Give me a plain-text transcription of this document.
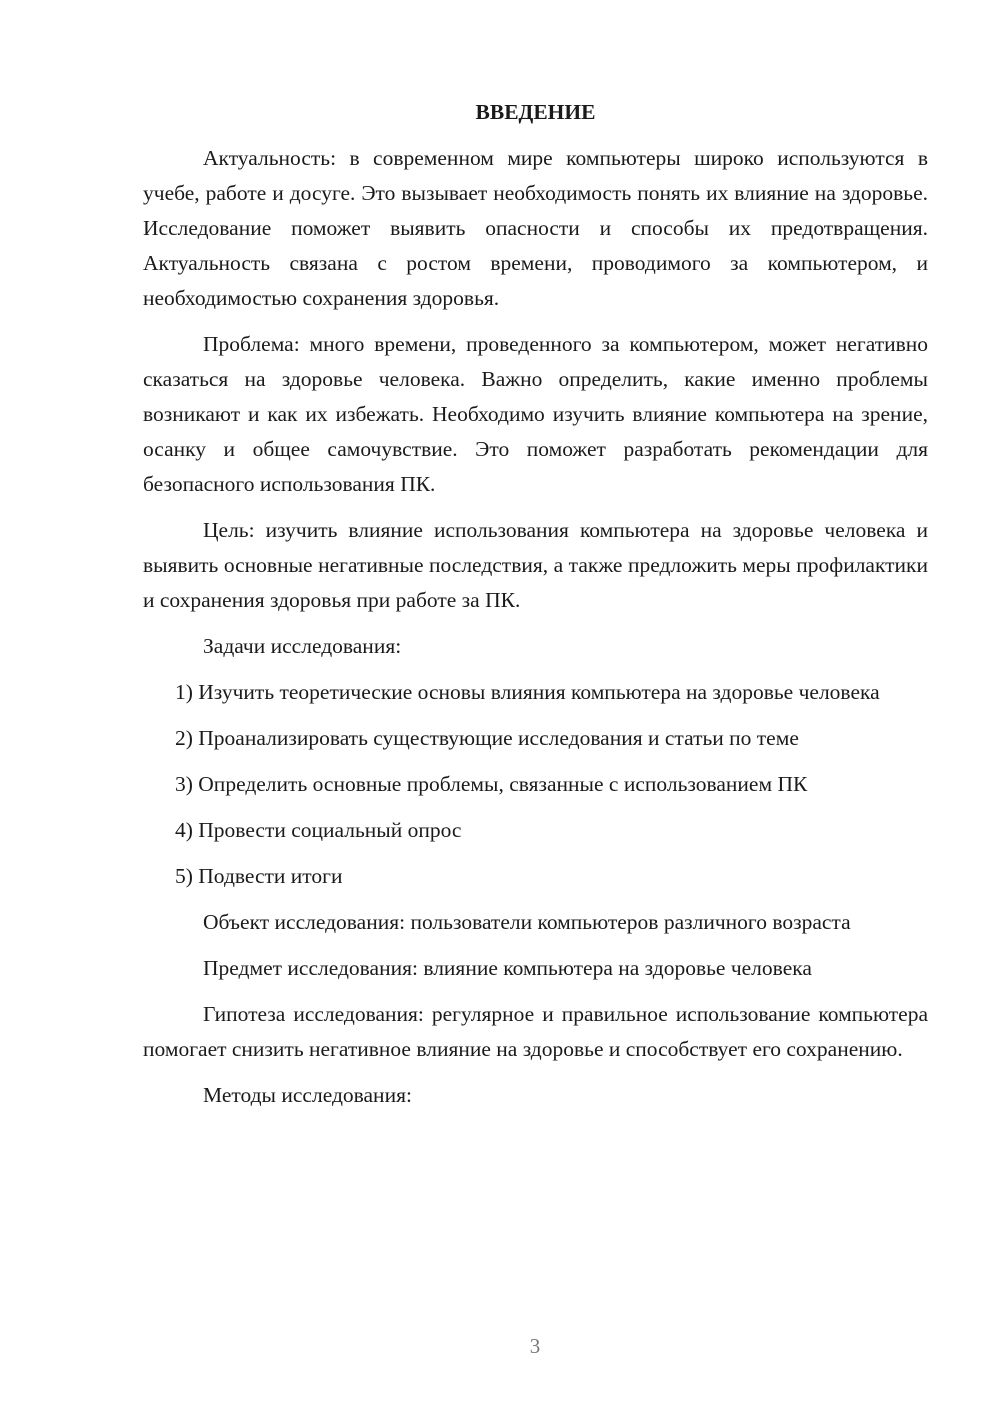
ВВЕДЕНИЕ

Актуальность: в современном мире компьютеры широко используются в учебе, работе и досуге. Это вызывает необходимость понять их влияние на здоровье. Исследование поможет выявить опасности и способы их предотвращения. Актуальность связана с ростом времени, проводимого за компьютером, и необходимостью сохранения здоровья.

Проблема: много времени, проведенного за компьютером, может негативно сказаться на здоровье человека. Важно определить, какие именно проблемы возникают и как их избежать. Необходимо изучить влияние компьютера на зрение, осанку и общее самочувствие. Это поможет разработать рекомендации для безопасного использования ПК.

Цель: изучить влияние использования компьютера на здоровье человека и выявить основные негативные последствия, а также предложить меры профилактики и сохранения здоровья при работе за ПК.

Задачи исследования:

1) Изучить теоретические основы влияния компьютера на здоровье человека

2) Проанализировать существующие исследования и статьи по теме

3) Определить основные проблемы, связанные с использованием ПК

4) Провести социальный опрос

5) Подвести итоги

Объект исследования: пользователи компьютеров различного возраста

Предмет исследования: влияние компьютера на здоровье человека

Гипотеза исследования: регулярное и правильное использование компьютера помогает снизить негативное влияние на здоровье и способствует его сохранению.

Методы исследования:

3
